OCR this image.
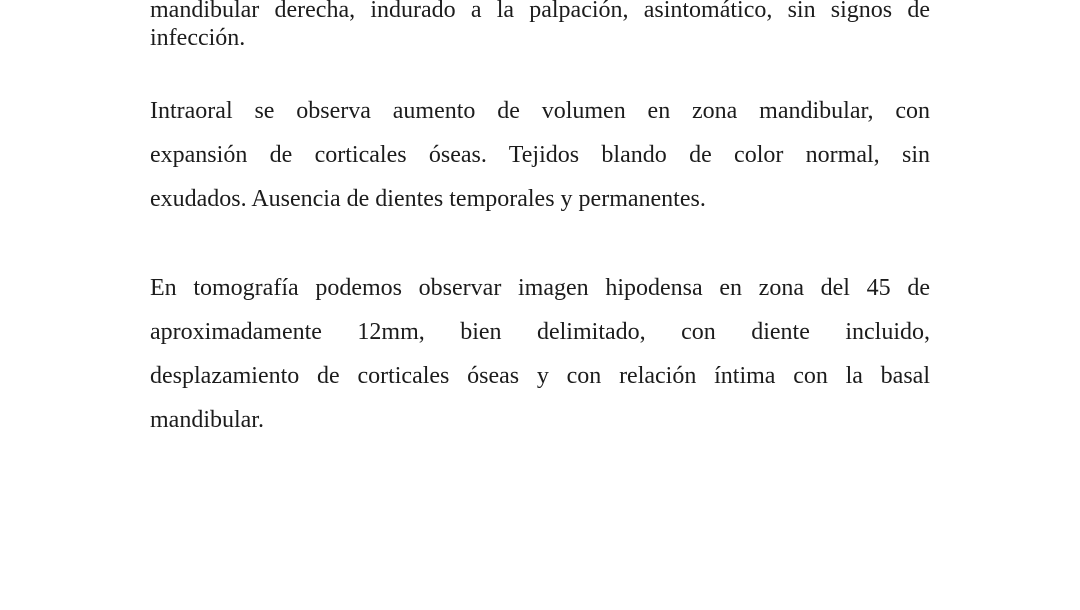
mandibular derecha, indurado a la palpación, asintomático, sin signos de
infección.
Intraoral se observa aumento de volumen en zona mandibular, con
expansión de corticales óseas. Tejidos blando de color normal, sin
exudados. Ausencia de dientes temporales y permanentes.
En tomografía podemos observar imagen hipodensa en zona del 45 de
aproximadamente 12mm, bien delimitado, con diente incluido,
desplazamiento de corticales óseas y con relación íntima con la basal
mandibular.
